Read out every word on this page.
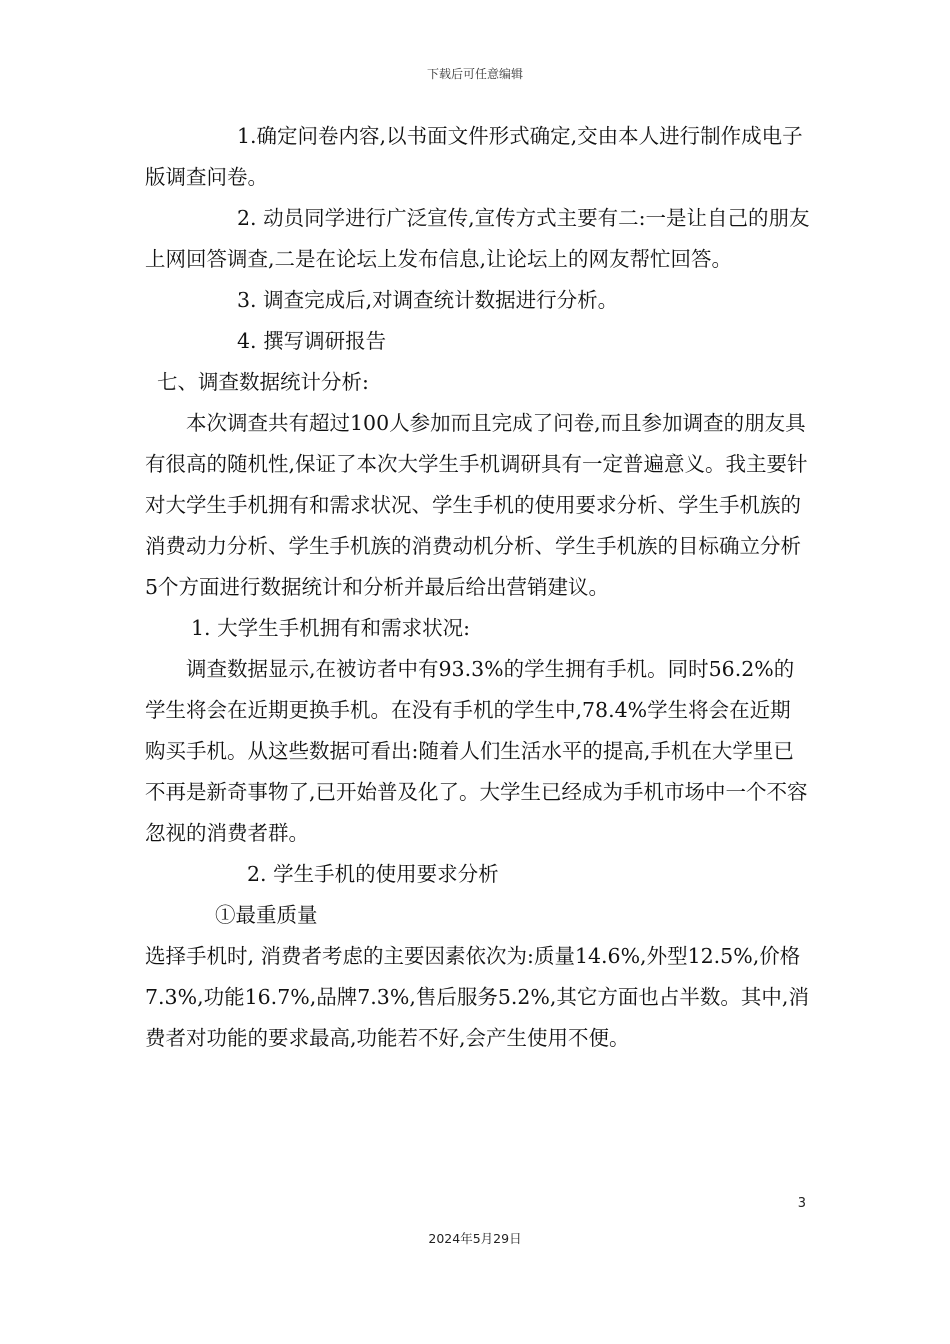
下载后可任意编辑

1.确定问卷内容,以书面文件形式确定,交由本人进行制作成电子版调查问卷。

2. 动员同学进行广泛宣传,宣传方式主要有二:一是让自己的朋友上网回答调查,二是在论坛上发布信息,让论坛上的网友帮忙回答。

3. 调查完成后,对调查统计数据进行分析。

4. 撰写调研报告

七、调查数据统计分析:

本次调查共有超过100人参加而且完成了问卷,而且参加调查的朋友具有很高的随机性,保证了本次大学生手机调研具有一定普遍意义。我主要针对大学生手机拥有和需求状况、学生手机的使用要求分析、学生手机族的消费动力分析、学生手机族的消费动机分析、学生手机族的目标确立分析5个方面进行数据统计和分析并最后给出营销建议。

1. 大学生手机拥有和需求状况:

调查数据显示,在被访者中有93.3%的学生拥有手机。同时56.2%的学生将会在近期更换手机。在没有手机的学生中,78.4%学生将会在近期购买手机。从这些数据可看出:随着人们生活水平的提高,手机在大学里已不再是新奇事物了,已开始普及化了。大学生已经成为手机市场中一个不容忽视的消费者群。

2. 学生手机的使用要求分析

①最重质量

选择手机时, 消费者考虑的主要因素依次为:质量14.6%,外型12.5%,价格7.3%,功能16.7%,品牌7.3%,售后服务5.2%,其它方面也占半数。其中,消费者对功能的要求最高,功能若不好,会产生使用不便。

3
2024年5月29日
